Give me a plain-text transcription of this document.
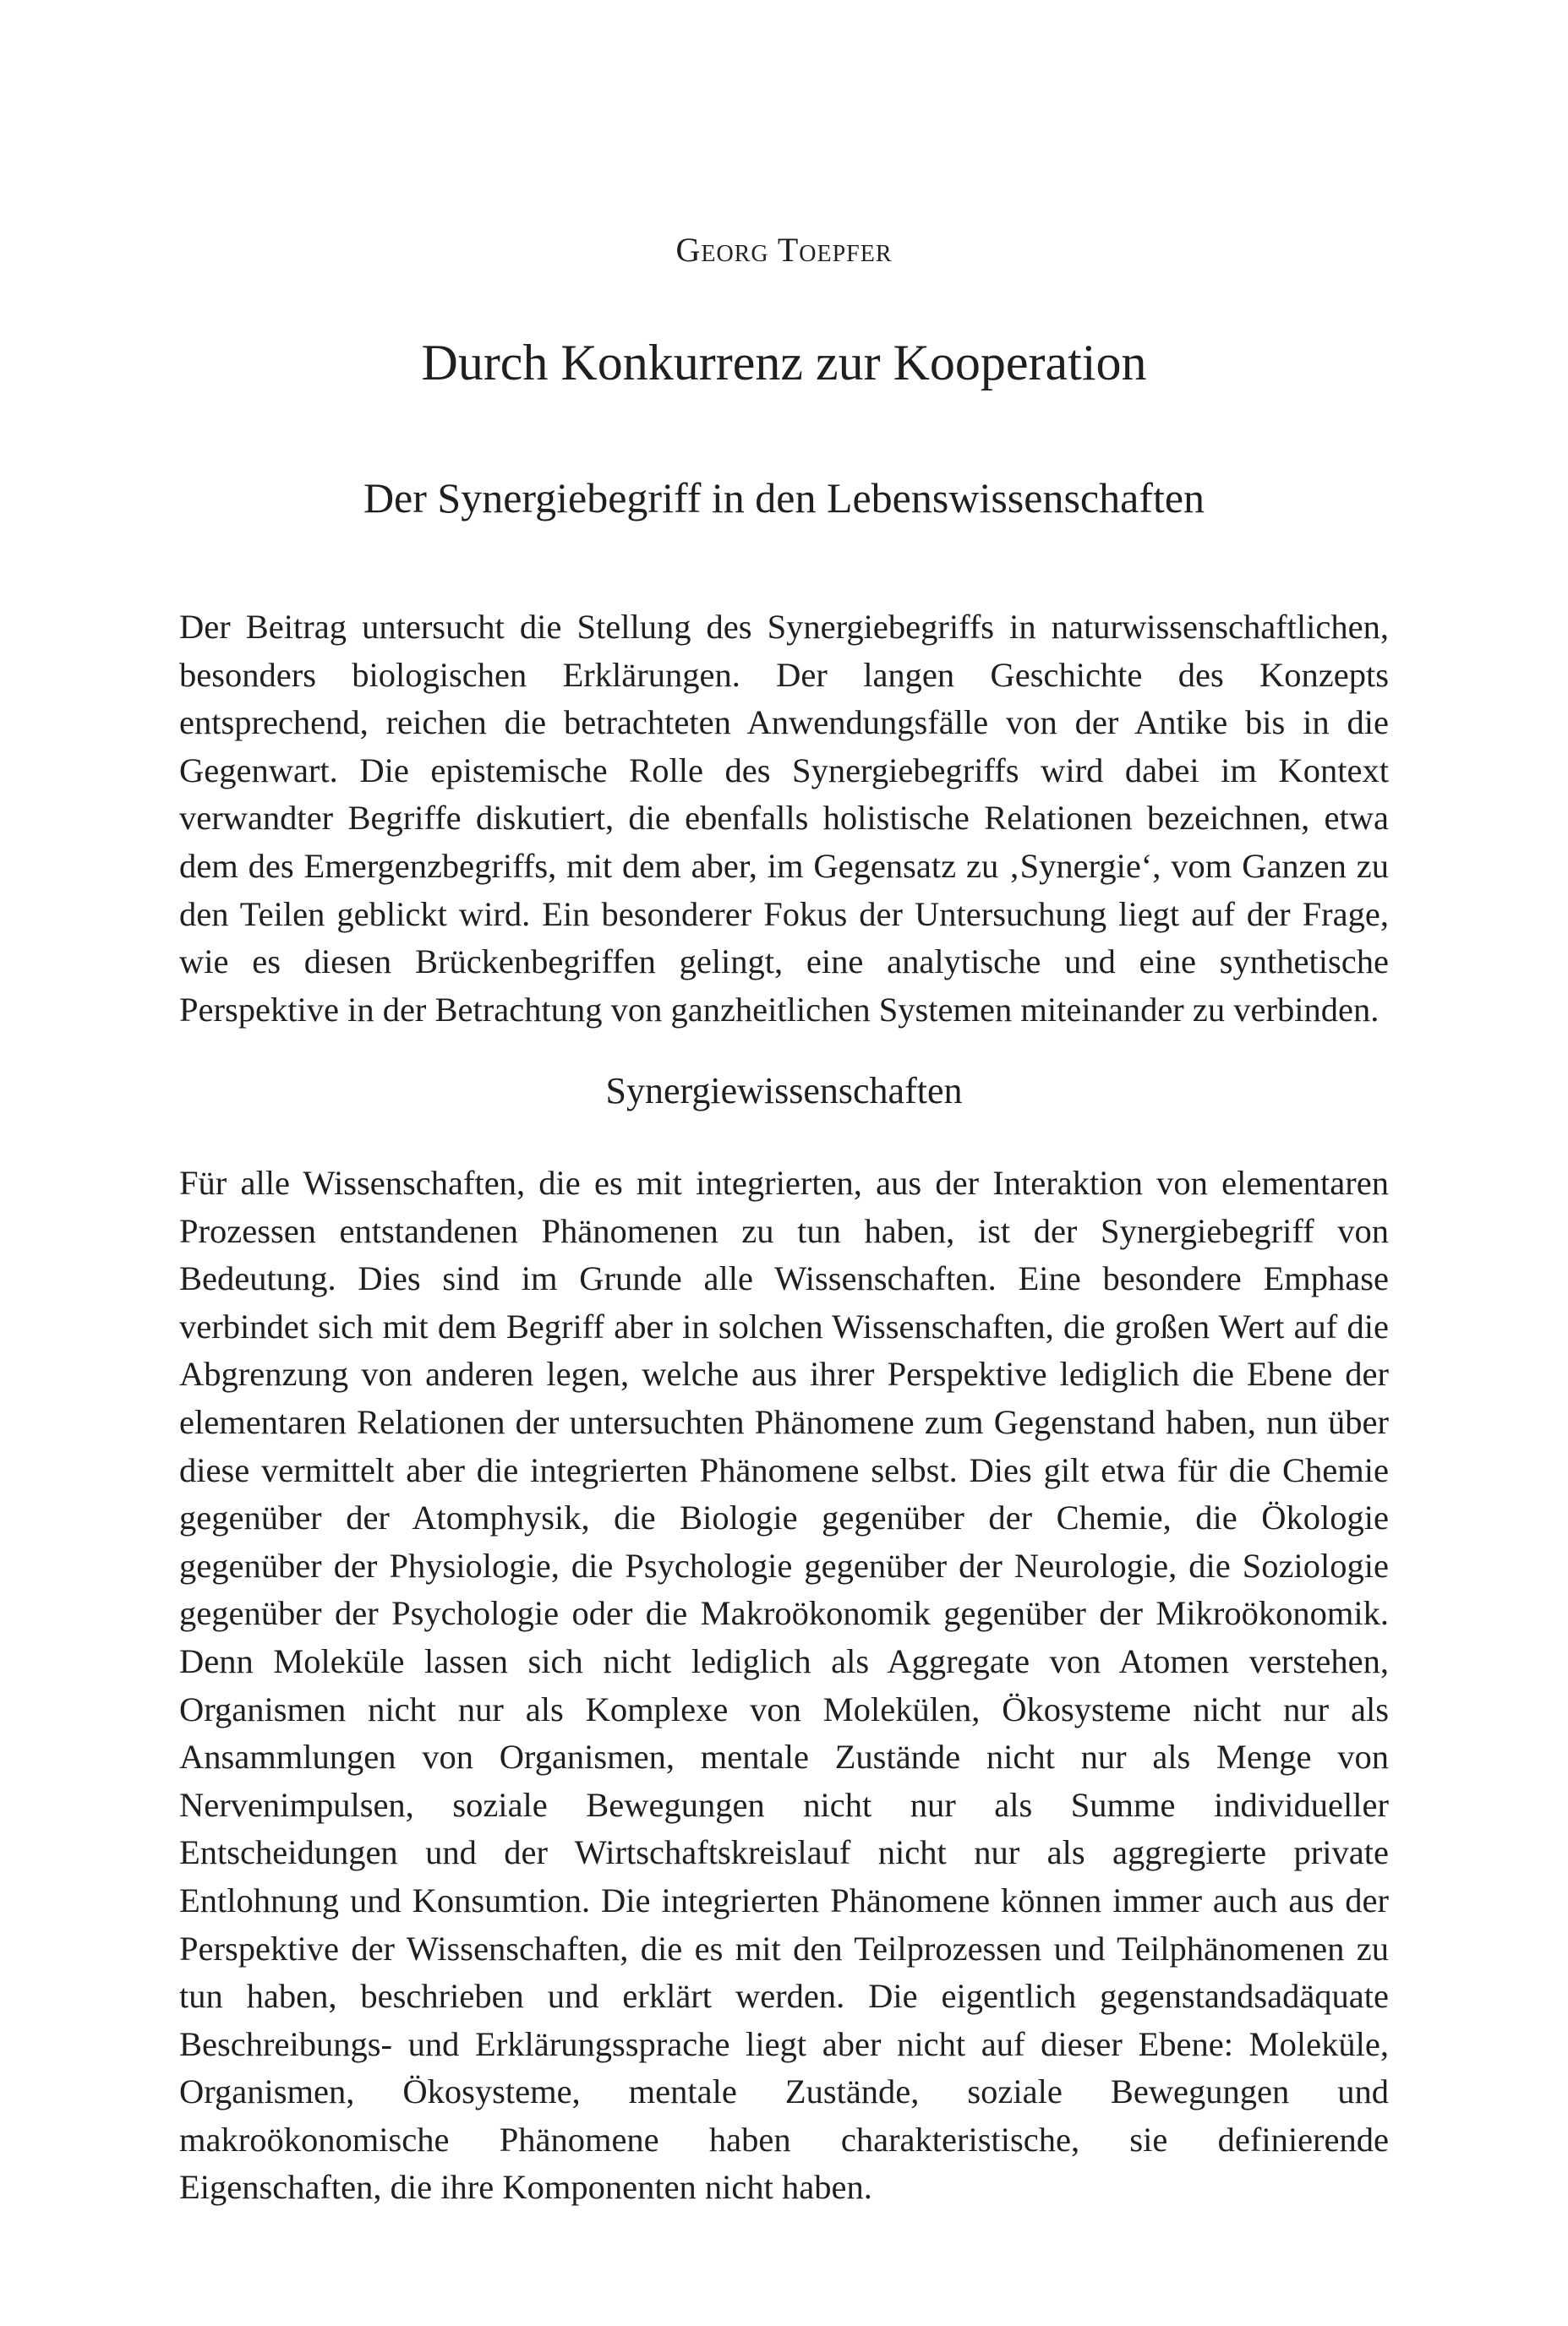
Georg Toepfer
Durch Konkurrenz zur Kooperation
Der Synergiebegriff in den Lebenswissenschaften

Der Beitrag untersucht die Stellung des Synergiebegriffs in naturwissenschaftlichen, besonders biologischen Erklärungen. Der langen Geschichte des Konzepts entsprechend, reichen die betrachteten Anwendungsfälle von der Antike bis in die Gegenwart. Die epistemische Rolle des Synergiebegriffs wird dabei im Kontext verwandter Begriffe diskutiert, die ebenfalls holistische Relationen bezeichnen, etwa dem des Emergenzbegriffs, mit dem aber, im Gegensatz zu ‚Synergie‘, vom Ganzen zu den Teilen geblickt wird. Ein besonderer Fokus der Untersuchung liegt auf der Frage, wie es diesen Brückenbegriffen gelingt, eine analytische und eine synthetische Perspektive in der Betrachtung von ganzheitlichen Systemen miteinander zu verbinden.

Synergiewissenschaften

Für alle Wissenschaften, die es mit integrierten, aus der Interaktion von elementaren Prozessen entstandenen Phänomenen zu tun haben, ist der Synergiebegriff von Bedeutung. Dies sind im Grunde alle Wissenschaften. Eine besondere Emphase verbindet sich mit dem Begriff aber in solchen Wissenschaften, die großen Wert auf die Abgrenzung von anderen legen, welche aus ihrer Perspektive lediglich die Ebene der elementaren Relationen der untersuchten Phänomene zum Gegenstand haben, nun über diese vermittelt aber die integrierten Phänomene selbst. Dies gilt etwa für die Chemie gegenüber der Atomphysik, die Biologie gegenüber der Chemie, die Ökologie gegenüber der Physiologie, die Psychologie gegenüber der Neurologie, die Soziologie gegenüber der Psychologie oder die Makroökonomik gegenüber der Mikroökonomik. Denn Moleküle lassen sich nicht lediglich als Aggregate von Atomen verstehen, Organismen nicht nur als Komplexe von Molekülen, Ökosysteme nicht nur als Ansammlungen von Organismen, mentale Zustände nicht nur als Menge von Nervenimpulsen, soziale Bewegungen nicht nur als Summe individueller Entscheidungen und der Wirtschaftskreislauf nicht nur als aggregierte private Entlohnung und Konsumtion. Die integrierten Phänomene können immer auch aus der Perspektive der Wissenschaften, die es mit den Teilprozessen und Teilphänomenen zu tun haben, beschrieben und erklärt werden. Die eigentlich gegenstandsadäquate Beschreibungs- und Erklärungssprache liegt aber nicht auf dieser Ebene: Moleküle, Organismen, Ökosysteme, mentale Zustände, soziale Bewegungen und makroökonomische Phänomene haben charakteristische, sie definierende Eigenschaften, die ihre Komponenten nicht haben.
